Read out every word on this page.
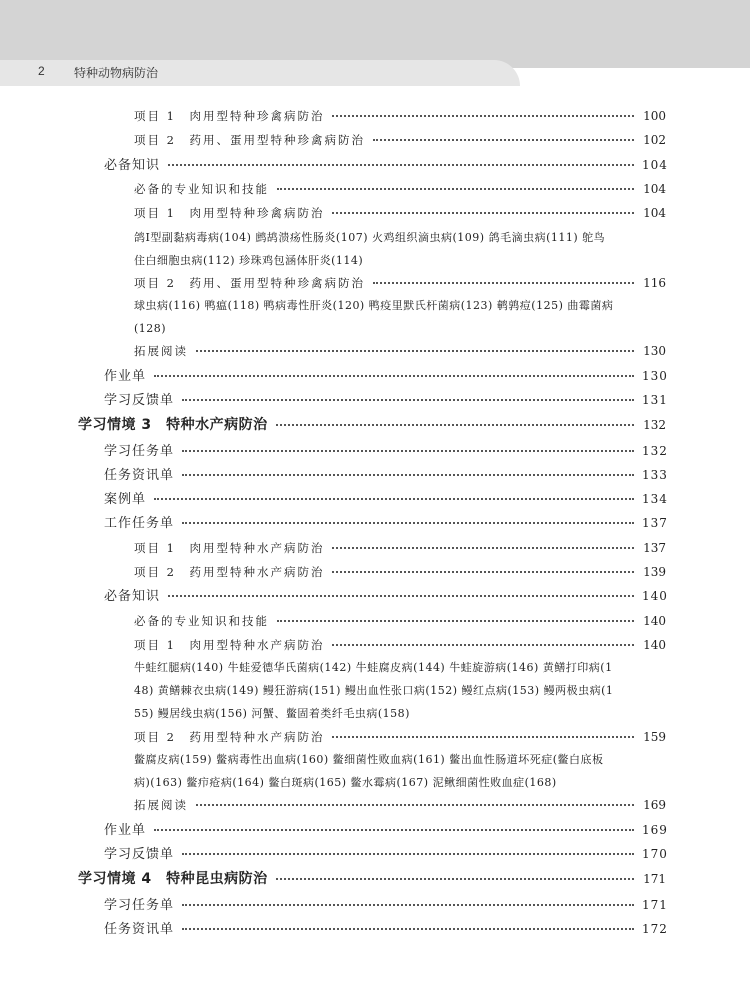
2 特种动物病防治
项目 1　肉用型特种珍禽病防治	100
项目 2　药用、蛋用型特种珍禽病防治	102
必备知识	104
必备的专业知识和技能	104
项目 1　肉用型特种珍禽病防治	104
鸽Ⅰ型副黏病毒病(104) 鹧鸪溃疡性肠炎(107) 火鸡组织滴虫病(109) 鸽毛滴虫病(111) 鸵鸟住白细胞虫病(112) 珍珠鸡包涵体肝炎(114)
项目 2　药用、蛋用型特种珍禽病防治	116
球虫病(116) 鸭瘟(118) 鸭病毒性肝炎(120) 鸭疫里默氏杆菌病(123) 鹌鹑痘(125) 曲霉菌病(128)
拓展阅读	130
作业单	130
学习反馈单	131
学习情境 3　特种水产病防治	132
学习任务单	132
任务资讯单	133
案例单	134
工作任务单	137
项目 1　肉用型特种水产病防治	137
项目 2　药用型特种水产病防治	139
必备知识	140
必备的专业知识和技能	140
项目 1　肉用型特种水产病防治	140
牛蛙红腿病(140) 牛蛙爱德华氏菌病(142) 牛蛙腐皮病(144) 牛蛙旋游病(146) 黄鳝打印病(148) 黄鳝棘衣虫病(149) 鳗狂游病(151) 鳗出血性张口病(152) 鳗红点病(153) 鳗两极虫病(155) 鳗居线虫病(156) 河蟹、鳖固着类纤毛虫病(158)
项目 2　药用型特种水产病防治	159
鳖腐皮病(159) 鳖病毒性出血病(160) 鳖细菌性败血病(161) 鳖出血性肠道坏死症(鳖白底板病)(163) 鳖疖疮病(164) 鳖白斑病(165) 鳖水霉病(167) 泥鳅细菌性败血症(168)
拓展阅读	169
作业单	169
学习反馈单	170
学习情境 4　特种昆虫病防治	171
学习任务单	171
任务资讯单	172
